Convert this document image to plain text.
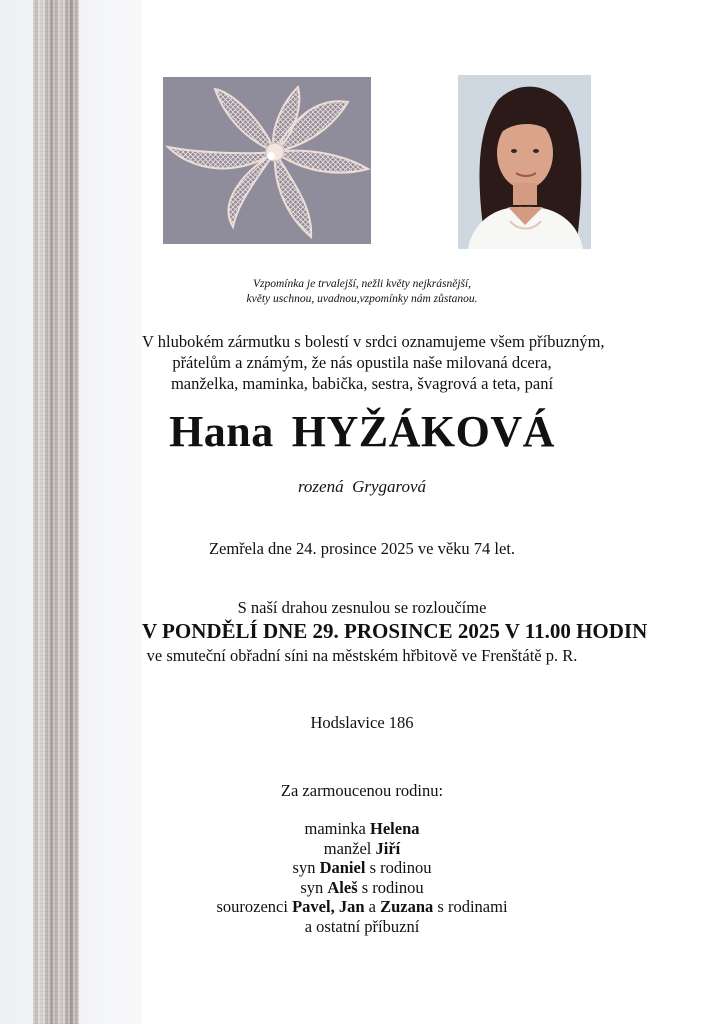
Vzpomínka je trvalejší, nežli květy nejkrásnější,
květy uschnou, uvadnou,vzpomínky nám zůstanou.
V hlubokém zármutku s bolestí v srdci oznamujeme všem příbuzným,
přátelům a známým, že nás opustila naše milovaná dcera,
manželka, maminka, babička, sestra, švagrová a teta, paní
Hana HYŽÁKOVÁ
rozená Grygarová
Zemřela dne 24. prosince 2025 ve věku 74 let.
S naší drahou zesnulou se rozloučíme
V PONDĚLÍ DNE 29. PROSINCE 2025 V 11.00 HODIN
ve smuteční obřadní síni na městském hřbitově ve Frenštátě p. R.
Hodslavice 186
Za zarmoucenou rodinu:
maminka Helena
manžel Jiří
syn Daniel s rodinou
syn Aleš s rodinou
sourozenci Pavel, Jan a Zuzana s rodinami
a ostatní příbuzní
